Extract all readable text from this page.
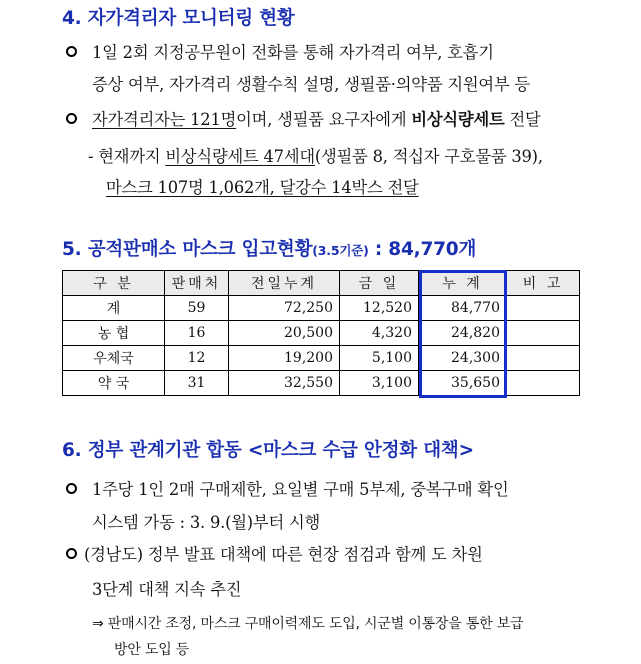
4. 자가격리자 모니터링 현황
1일 2회 지정공무원이 전화를 통해 자가격리 여부, 호흡기
증상 여부, 자가격리 생활수칙 설명, 생필품·의약품 지원여부 등
자가격리자는 121명이며, 생필품 요구자에게 비상식량세트 전달
- 현재까지 비상식량세트 47세대(생필품 8, 적십자 구호물품 39),
마스크 107명 1,062개, 달강수 14박스 전달
5. 공적판매소 마스크 입고현황(3.5기준) : 84,770개
구 분	판매처	전일누계	금 일	누 계	비 고
계	59	72,250	12,520	84,770	
농 협	16	20,500	4,320	24,820	
우체국	12	19,200	5,100	24,300	
약 국	31	32,550	3,100	35,650	
6. 정부 관계기관 합동 <마스크 수급 안정화 대책>
1주당 1인 2매 구매제한, 요일별 구매 5부제, 중복구매 확인
시스템 가동 : 3. 9.(월)부터 시행
(경남도) 정부 발표 대책에 따른 현장 점검과 함께 도 차원
3단계 대책 지속 추진
⇒ 판매시간 조정, 마스크 구매이력제도 도입, 시군별 이통장을 통한 보급
방안 도입 등
